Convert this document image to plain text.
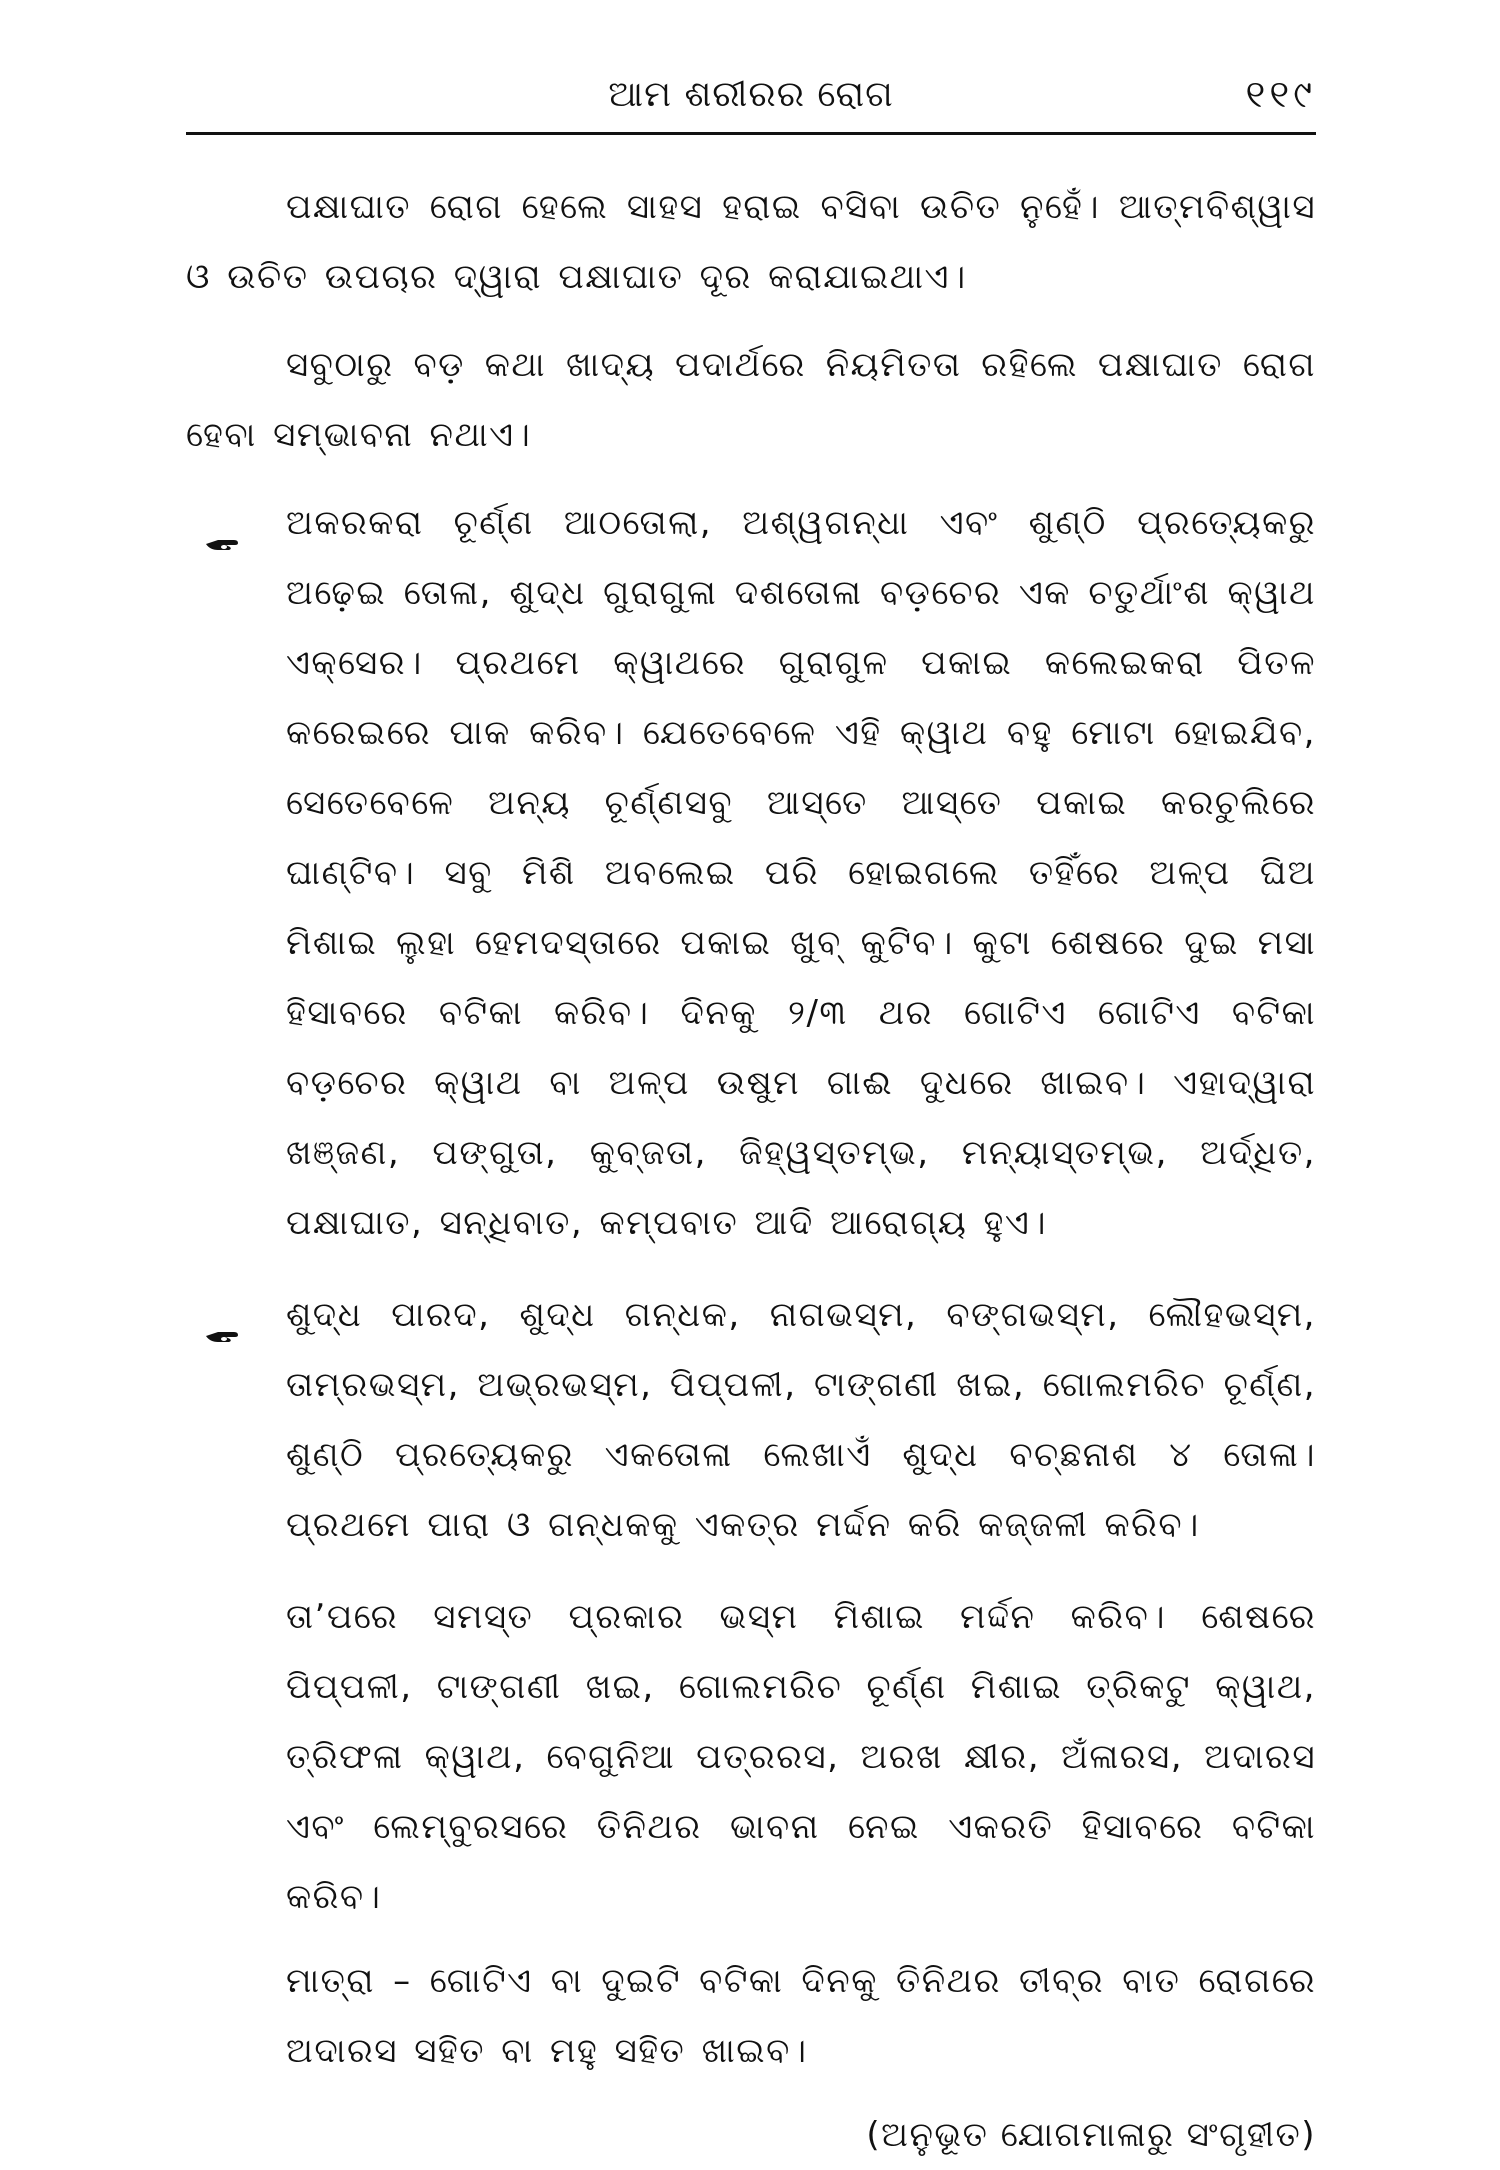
ଆମ ଶରୀରର ରୋଗ	୧୧୯

ପକ୍ଷାଘାତ ରୋଗ ହେଲେ ସାହସ ହରାଇ ବସିବା ଉଚିତ ନୁହେଁ। ଆତ୍ମବିଶ୍ୱାସ ଓ ଉଚିତ ଉପଚାର ଦ୍ୱାରା ପକ୍ଷାଘାତ ଦୂର କରାଯାଇଥାଏ।

ସବୁଠାରୁ ବଡ଼ କଥା ଖାଦ୍ୟ ପଦାର୍ଥରେ ନିୟମିତତା ରହିଲେ ପକ୍ଷାଘାତ ରୋଗ ହେବା ସମ୍ଭାବନା ନଥାଏ।

ଅକରକରା ଚୂର୍ଣ୍ଣ ଆଠତୋଲା, ଅଶ୍ୱଗନ୍ଧା ଏବଂ ଶୁଣ୍ଠି ପ୍ରତ୍ୟେକରୁ ଅଢ଼େଇ ତୋଳା, ଶୁଦ୍ଧ ଗୁରାଗୁଳା ଦଶତୋଳା ବଡ଼ଚେର ଏକ ଚତୁର୍ଥାଂଶ କ୍ୱାଥ ଏକ୍‌ସେର। ପ୍ରଥମେ କ୍ୱାଥରେ ଗୁରାଗୁଳ ପକାଇ କଲେଇକରା ପିତଳ କରେଇରେ ପାକ କରିବ। ଯେତେବେଳେ ଏହି କ୍ୱାଥ ବହୁ ମୋଟା ହୋଇଯିବ, ସେତେବେଳେ ଅନ୍ୟ ଚୂର୍ଣ୍ଣସବୁ ଆସ୍ତେ ଆସ୍ତେ ପକାଇ କରଚୁଲିରେ ଘାଣ୍ଟିବ। ସବୁ ମିଶି ଅବଲେଇ ପରି ହୋଇଗଲେ ତହିଁରେ ଅଳ୍ପ ଘିଅ ମିଶାଇ ଲୁହା ହେମଦସ୍ତାରେ ପକାଇ ଖୁବ୍ କୁଟିବ। କୁଟା ଶେଷରେ ଦୁଇ ମସା ହିସାବରେ ବଟିକା କରିବ। ଦିନକୁ ୨/୩ ଥର ଗୋଟିଏ ଗୋଟିଏ ବଟିକା ବଡ଼ଚେର କ୍ୱାଥ ବା ଅଳ୍ପ ଉଷୁମ ଗାଈ ଦୁଧରେ ଖାଇବ। ଏହାଦ୍ୱାରା ଖଞ୍ଜଣ, ପଙ୍ଗୁତା, କୁବ୍‌ଜତା, ଜିହ୍ୱସ୍ତମ୍ଭ, ମନ୍ୟାସ୍ତମ୍ଭ, ଅର୍ଦ୍ଧିତ, ପକ୍ଷାଘାତ, ସନ୍ଧିବାତ, କମ୍ପବାତ ଆଦି ଆରୋଗ୍ୟ ହୁଏ।
ଶୁଦ୍ଧ ପାରଦ, ଶୁଦ୍ଧ ଗନ୍ଧକ, ନାଗଭସ୍ମ, ବଙ୍ଗଭସ୍ମ, ଲୌହଭସ୍ମ, ତାମ୍ରଭସ୍ମ, ଅଭ୍ରଭସ୍ମ, ପିପ୍‌ପଳୀ, ଟାଙ୍ଗଣୀ ଖଇ, ଗୋଲମରିଚ ଚୂର୍ଣ୍ଣ, ଶୁଣ୍ଠି ପ୍ରତ୍ୟେକରୁ ଏକତୋଳା ଲେଖାଏଁ ଶୁଦ୍ଧ ବଚ୍ଛନାଶ ୪ ତୋଳା। ପ୍ରଥମେ ପାରା ଓ ଗନ୍ଧକକୁ ଏକତ୍ର ମର୍ଦ୍ଦନ କରି କଜ୍ଜଳୀ କରିବ।

ତା’ପରେ ସମସ୍ତ ପ୍ରକାର ଭସ୍ମ ମିଶାଇ ମର୍ଦ୍ଦନ କରିବ। ଶେଷରେ ପିପ୍‌ପଳୀ, ଟାଙ୍ଗଣୀ ଖଇ, ଗୋଲମରିଚ ଚୂର୍ଣ୍ଣ ମିଶାଇ ତ୍ରିକଟୁ କ୍ୱାଥ, ତ୍ରିଫଳା କ୍ୱାଥ, ବେଗୁନିଆ ପତ୍ରରସ, ଅରଖ କ୍ଷୀର, ଅଁଳାରସ, ଅଦାରସ ଏବଂ ଲେମ୍ବୁରସରେ ତିନିଥର ଭାବନା ନେଇ ଏକରତି ହିସାବରେ ବଟିକା କରିବ।

ମାତ୍ରା – ଗୋଟିଏ ବା ଦୁଇଟି ବଟିକା ଦିନକୁ ତିନିଥର ତୀବ୍ର ବାତ ରୋଗରେ ଅଦାରସ ସହିତ ବା ମହୁ ସହିତ ଖାଇବ।

(ଅନୁଭୂତ ଯୋଗମାଳାରୁ ସଂଗୃହୀତ)
